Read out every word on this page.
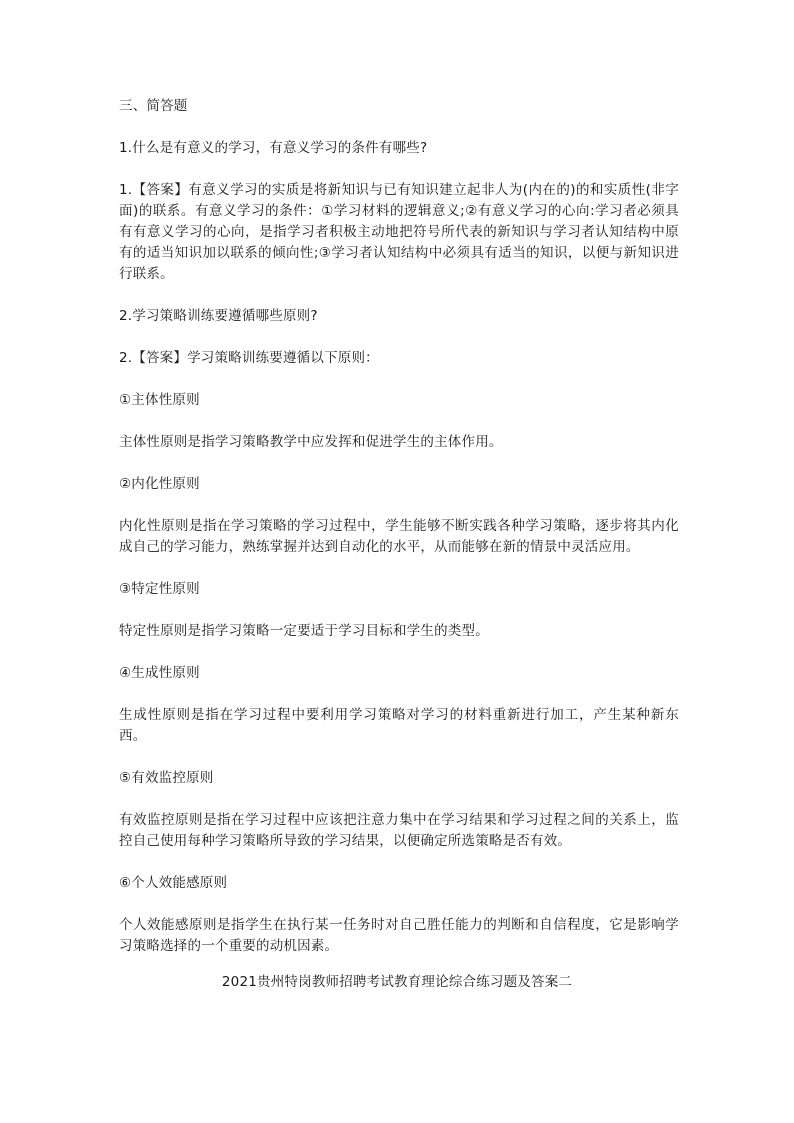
三、简答题

1.什么是有意义的学习，有意义学习的条件有哪些?

1.【答案】有意义学习的实质是将新知识与已有知识建立起非人为(内在的)的和实质性(非字面)的联系。有意义学习的条件：①学习材料的逻辑意义;②有意义学习的心向:学习者必须具有有意义学习的心向，是指学习者积极主动地把符号所代表的新知识与学习者认知结构中原有的适当知识加以联系的倾向性;③学习者认知结构中必须具有适当的知识，以便与新知识进行联系。

2.学习策略训练要遵循哪些原则?

2.【答案】学习策略训练要遵循以下原则：

①主体性原则

主体性原则是指学习策略教学中应发挥和促进学生的主体作用。

②内化性原则

内化性原则是指在学习策略的学习过程中，学生能够不断实践各种学习策略，逐步将其内化成自己的学习能力，熟练掌握并达到自动化的水平，从而能够在新的情景中灵活应用。

③特定性原则

特定性原则是指学习策略一定要适于学习目标和学生的类型。

④生成性原则

生成性原则是指在学习过程中要利用学习策略对学习的材料重新进行加工，产生某种新东西。

⑤有效监控原则

有效监控原则是指在学习过程中应该把注意力集中在学习结果和学习过程之间的关系上，监控自己使用每种学习策略所导致的学习结果，以便确定所选策略是否有效。

⑥个人效能感原则

个人效能感原则是指学生在执行某一任务时对自己胜任能力的判断和自信程度，它是影响学习策略选择的一个重要的动机因素。

2021贵州特岗教师招聘考试教育理论综合练习题及答案二
